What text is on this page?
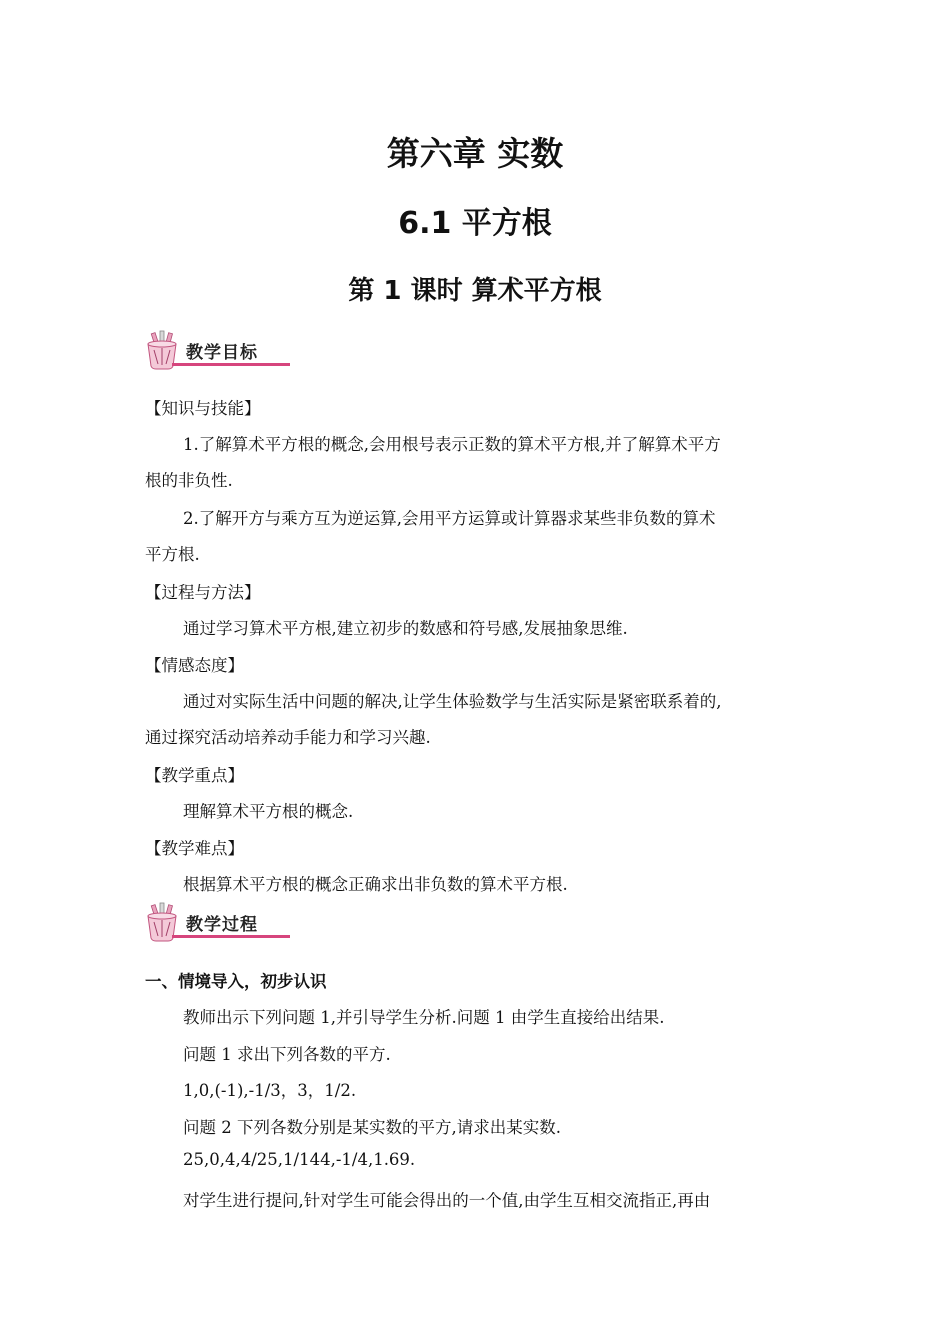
第六章 实数
6.1 平方根
第 1 课时 算术平方根
教学目标
【知识与技能】
1.了解算术平方根的概念,会用根号表示正数的算术平方根,并了解算术平方
根的非负性.
2.了解开方与乘方互为逆运算,会用平方运算或计算器求某些非负数的算术
平方根.
【过程与方法】
通过学习算术平方根,建立初步的数感和符号感,发展抽象思维.
【情感态度】
通过对实际生活中问题的解决,让学生体验数学与生活实际是紧密联系着的,
通过探究活动培养动手能力和学习兴趣.
【教学重点】
理解算术平方根的概念.
【教学难点】
根据算术平方根的概念正确求出非负数的算术平方根.
教学过程
一、情境导入，初步认识
教师出示下列问题 1,并引导学生分析.问题 1 由学生直接给出结果.
问题 1 求出下列各数的平方.
1,0,(-1),-1/3，3，1/2.
问题 2 下列各数分别是某实数的平方,请求出某实数.
25,0,4,4/25,1/144,-1/4,1.69.
对学生进行提问,针对学生可能会得出的一个值,由学生互相交流指正,再由
